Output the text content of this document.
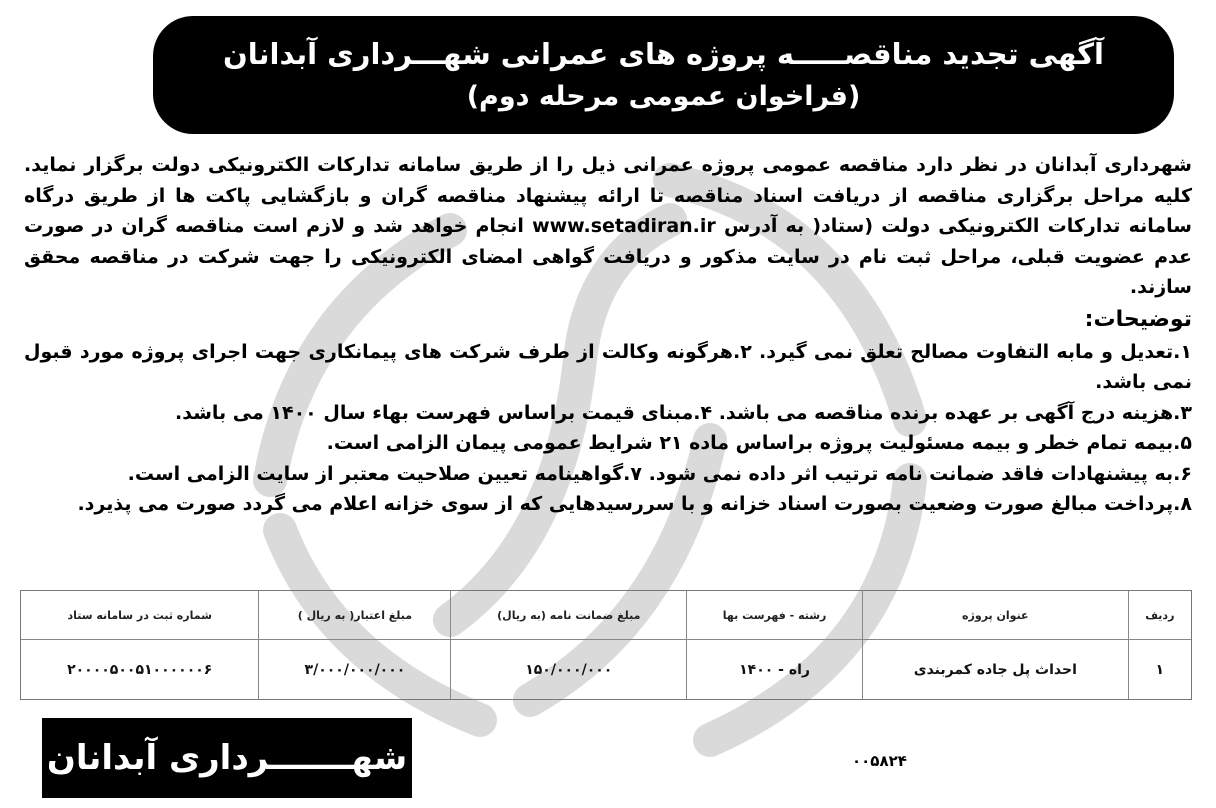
آگهی تجدید مناقصـــــه پروژه های عمرانی شهـــرداری آبدانان
(فراخوان عمومی مرحله دوم)

شهرداری آبدانان در نظر دارد مناقصه عمومی پروژه عمرانی ذیل را از طریق سامانه تدارکات الکترونیکی دولت برگزار نماید. کلیه مراحل برگزاری مناقصه از دریافت اسناد مناقصه تا ارائه پیشنهاد مناقصه گران و بازگشایی پاکت ها از طریق درگاه سامانه تدارکات الکترونیکی دولت (ستاد( به آدرس www.setadiran.ir انجام خواهد شد و لازم است مناقصه گران در صورت عدم عضویت قبلی، مراحل ثبت نام در سایت مذکور و دریافت گواهی امضای الکترونیکی را جهت شرکت در مناقصه محقق سازند.

توضیحات:

۱.تعدیل و مابه التفاوت مصالح تعلق نمی گیرد. ۲.هرگونه وکالت از طرف شرکت های پیمانکاری جهت اجرای پروژه مورد قبول نمی باشد.

۳.هزینه درج آگهی بر عهده برنده مناقصه می باشد. ۴.مبنای قیمت براساس فهرست بهاء سال ۱۴۰۰ می باشد.

۵.بیمه تمام خطر و بیمه مسئولیت پروژه براساس ماده ۲۱ شرایط عمومی پیمان الزامی است.

۶.به پیشنهادات فاقد ضمانت نامه ترتیب اثر داده نمی شود. ۷.گواهینامه تعیین صلاحیت معتبر از سایت الزامی است.

۸.پرداخت مبالغ صورت وضعیت بصورت اسناد خزانه و با سررسیدهایی که از سوی خزانه اعلام می گردد صورت می پذیرد.

ردیف	عنوان پروژه	رشته - فهرست بها	مبلغ ضمانت نامه (به ریال)	مبلغ اعتبار( به ریال )	شماره ثبت در سامانه ستاد
۱	احداث پل جاده کمربندی	راه - ۱۴۰۰	۱۵۰/۰۰۰/۰۰۰	۳/۰۰۰/۰۰۰/۰۰۰	۲۰۰۰۰۵۰۰۵۱۰۰۰۰۰۰۶
شهـــــــرداری آبدانان	۰۰۵۸۲۴
